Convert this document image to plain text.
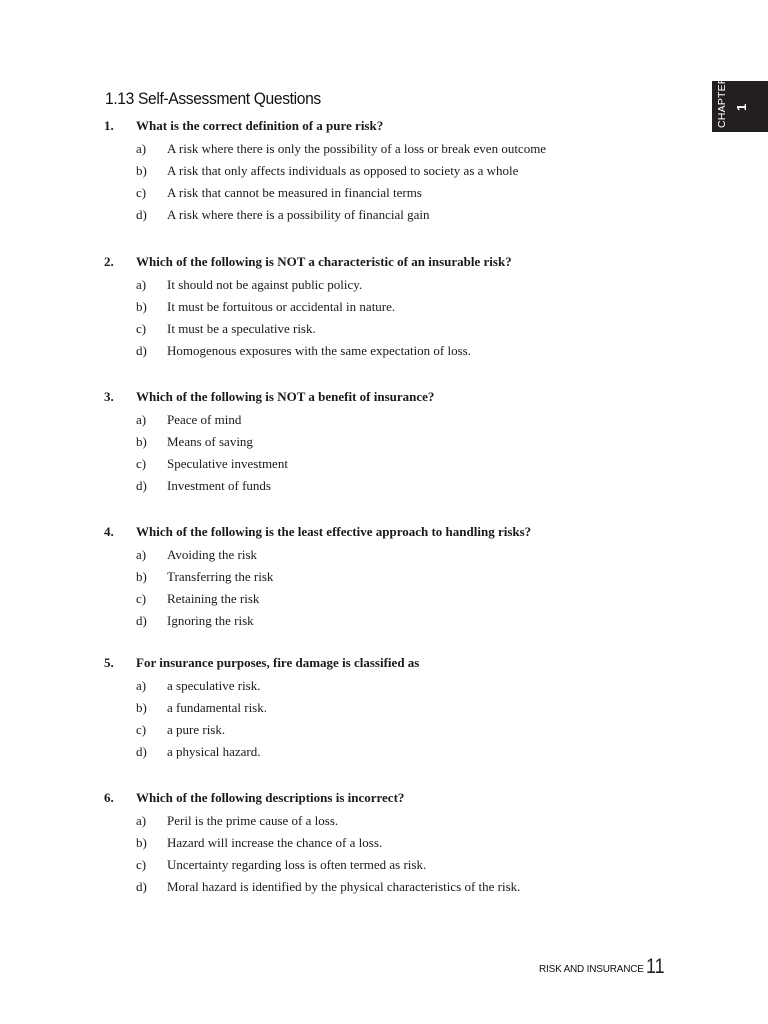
1.13 Self-Assessment Questions	CHAPTER 1
1. What is the correct definition of a pure risk?
a) A risk where there is only the possibility of a loss or break even outcome
b) A risk that only affects individuals as opposed to society as a whole
c) A risk that cannot be measured in financial terms
d) A risk where there is a possibility of financial gain
2. Which of the following is NOT a characteristic of an insurable risk?
a) It should not be against public policy.
b) It must be fortuitous or accidental in nature.
c) It must be a speculative risk.
d) Homogenous exposures with the same expectation of loss.
3. Which of the following is NOT a benefit of insurance?
a) Peace of mind
b) Means of saving
c) Speculative investment
d) Investment of funds
4. Which of the following is the least effective approach to handling risks?
a) Avoiding the risk
b) Transferring the risk
c) Retaining the risk
d) Ignoring the risk
5. For insurance purposes, fire damage is classified as
a) a speculative risk.
b) a fundamental risk.
c) a pure risk.
d) a physical hazard.
6. Which of the following descriptions is incorrect?
a) Peril is the prime cause of a loss.
b) Hazard will increase the chance of a loss.
c) Uncertainty regarding loss is often termed as risk.
d) Moral hazard is identified by the physical characteristics of the risk.
RISK AND INSURANCE 11
